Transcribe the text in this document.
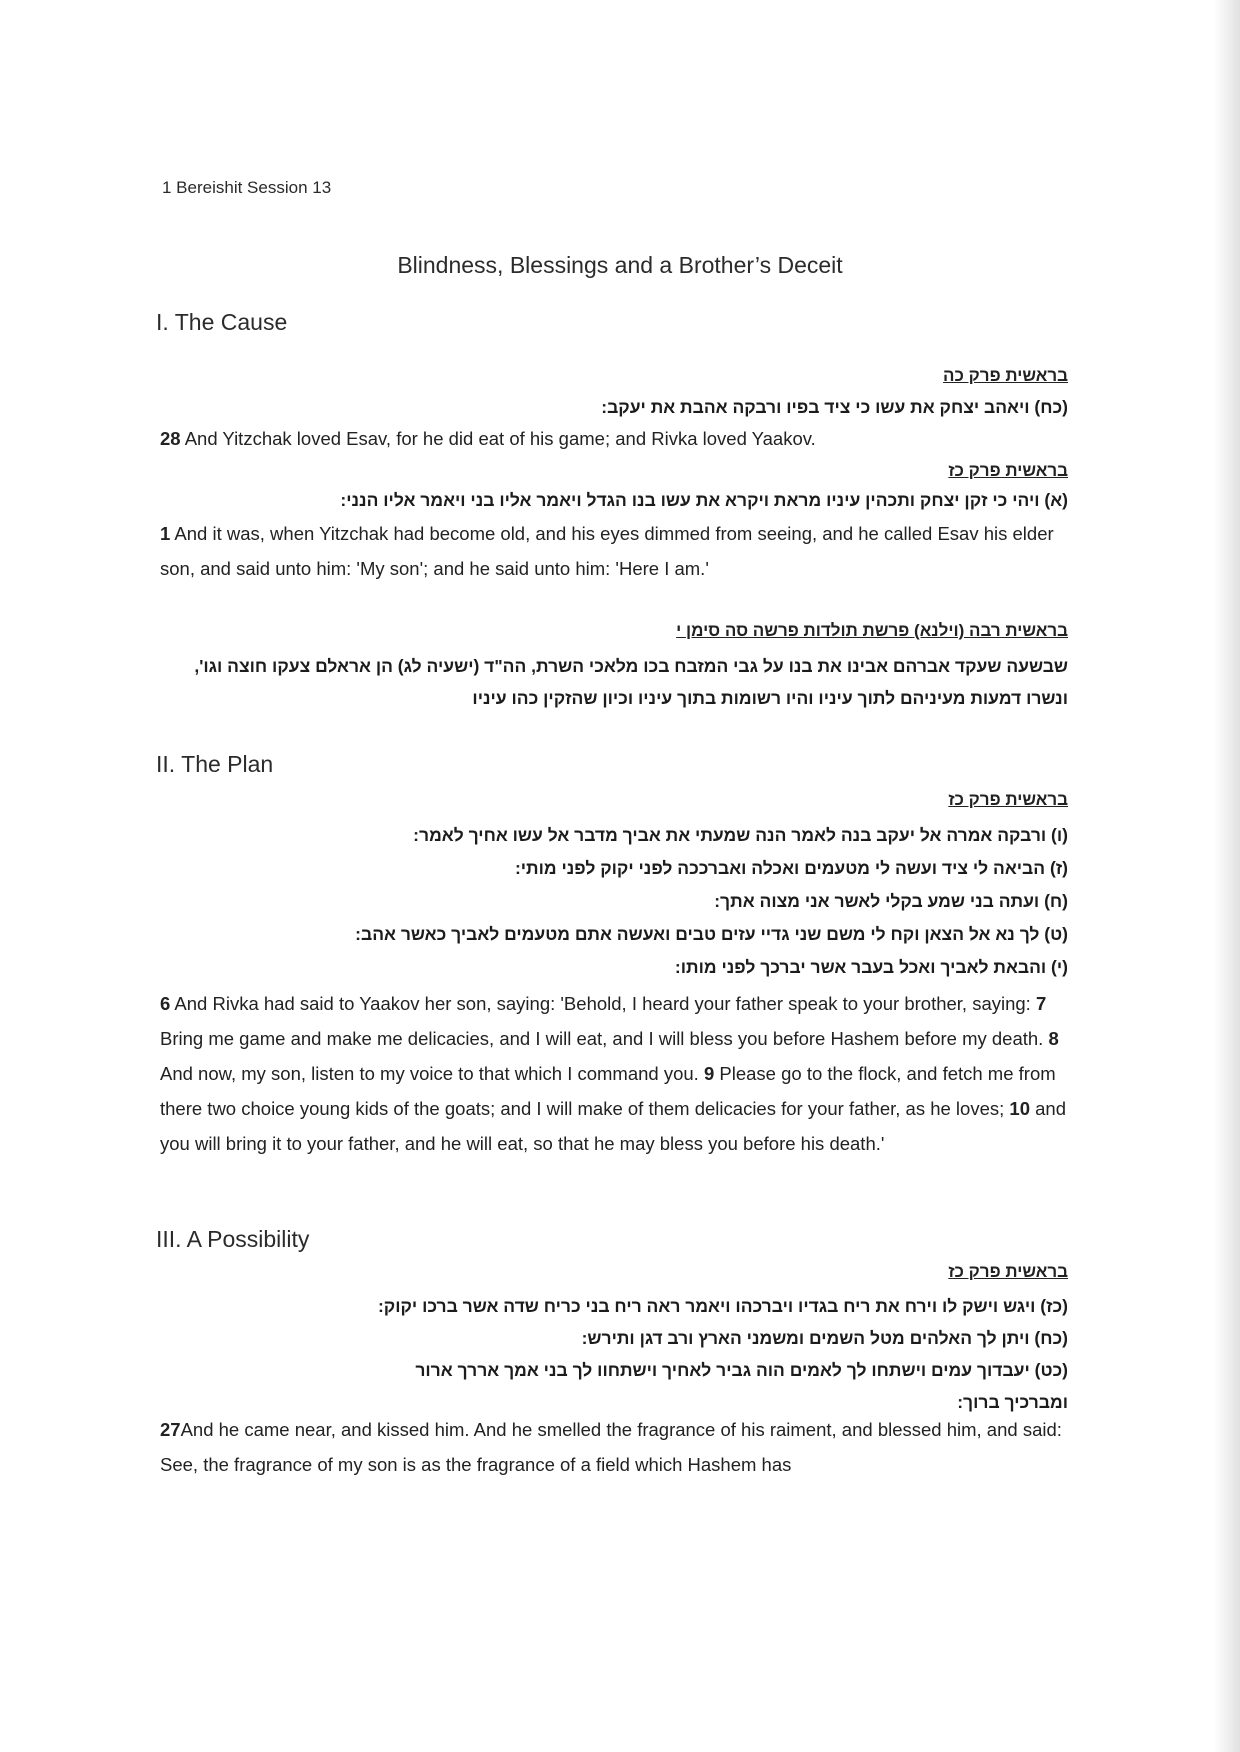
1 Bereishit Session 13
Blindness, Blessings and a Brother’s Deceit
I. The Cause
בראשית פרק כה
(כח) ויאהב יצחק את עשו כי ציד בפיו ורבקה אהבת את יעקב:
28 And Yitzchak loved Esav, for he did eat of his game; and Rivka loved Yaakov.
בראשית פרק כז
(א) ויהי כי זקן יצחק ותכהין עיניו מראת ויקרא את עשו בנו הגדל ויאמר אליו בני ויאמר אליו הנני:
1 And it was, when Yitzchak had become old, and his eyes dimmed from seeing, and he called Esav his elder son, and said unto him: 'My son'; and he said unto him: 'Here I am.'
בראשית רבה (וילנא) פרשת תולדות פרשה סה סימן י
שבשעה שעקד אברהם אבינו את בנו על גבי המזבח בכו מלאכי השרת, הה"ד (ישעיה לג) הן אראלם צעקו חוצה וגו', ונשרו דמעות מעיניהם לתוך עיניו והיו רשומות בתוך עיניו וכיון שהזקין כהו עיניו
II. The Plan
בראשית פרק כז
(ו) ורבקה אמרה אל יעקב בנה לאמר הנה שמעתי את אביך מדבר אל עשו אחיך לאמר:
(ז) הביאה לי ציד ועשה לי מטעמים ואכלה ואברככה לפני יקוק לפני מותי:
(ח) ועתה בני שמע בקלי לאשר אני מצוה אתך:
(ט) לך נא אל הצאן וקח לי משם שני גדיי עזים טבים ואעשה אתם מטעמים לאביך כאשר אהב:
(י) והבאת לאביך ואכל בעבר אשר יברכך לפני מותו:
6 And Rivka had said to Yaakov her son, saying: 'Behold, I heard your father speak to your brother, saying: 7 Bring me game and make me delicacies, and I will eat, and I will bless you before Hashem before my death. 8 And now, my son, listen to my voice to that which I command you. 9 Please go to the flock, and fetch me from there two choice young kids of the goats; and I will make of them delicacies for your father, as he loves; 10 and you will bring it to your father, and he will eat, so that he may bless you before his death.'
III. A Possibility
בראשית פרק כז
(כז) ויגש וישק לו וירח את ריח בגדיו ויברכהו ויאמר ראה ריח בני כריח שדה אשר ברכו יקוק:
(כח) ויתן לך האלהים מטל השמים ומשמני הארץ ורב דגן ותירש:
(כט) יעבדוך עמים וישתחו לך לאמים הוה גביר לאחיך וישתחוו לך בני אמך אררך ארור
ומברכיך ברוך:
27And he came near, and kissed him. And he smelled the fragrance of his raiment, and blessed him, and said: See, the fragrance of my son is as the fragrance of a field which Hashem has
